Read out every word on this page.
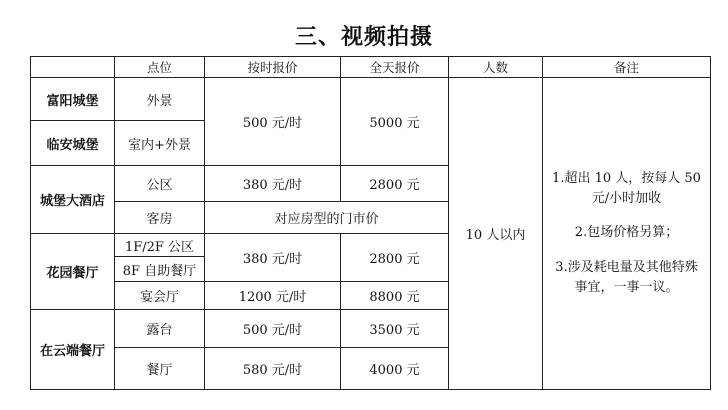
三、视频拍摄
	点位	按时报价	全天报价	人数	备注
富阳城堡	外景	500 元/时	5000 元	10 人以内	1.超出 10 人，按每人 50
元/小时加收
2.包场价格另算；
3.涉及耗电量及其他特殊
事宜，一事一议。

临安城堡	室内+外景				
城堡大酒店	公区	380 元/时	2800 元		
	客房	对应房型的门市价			
花园餐厅	1F/2F 公区	380 元/时	2800 元		
	8F 自助餐厅				
	宴会厅	1200 元/时	8800 元		
在云端餐厅	露台	500 元/时	3500 元		
	餐厅	580 元/时	4000 元		
